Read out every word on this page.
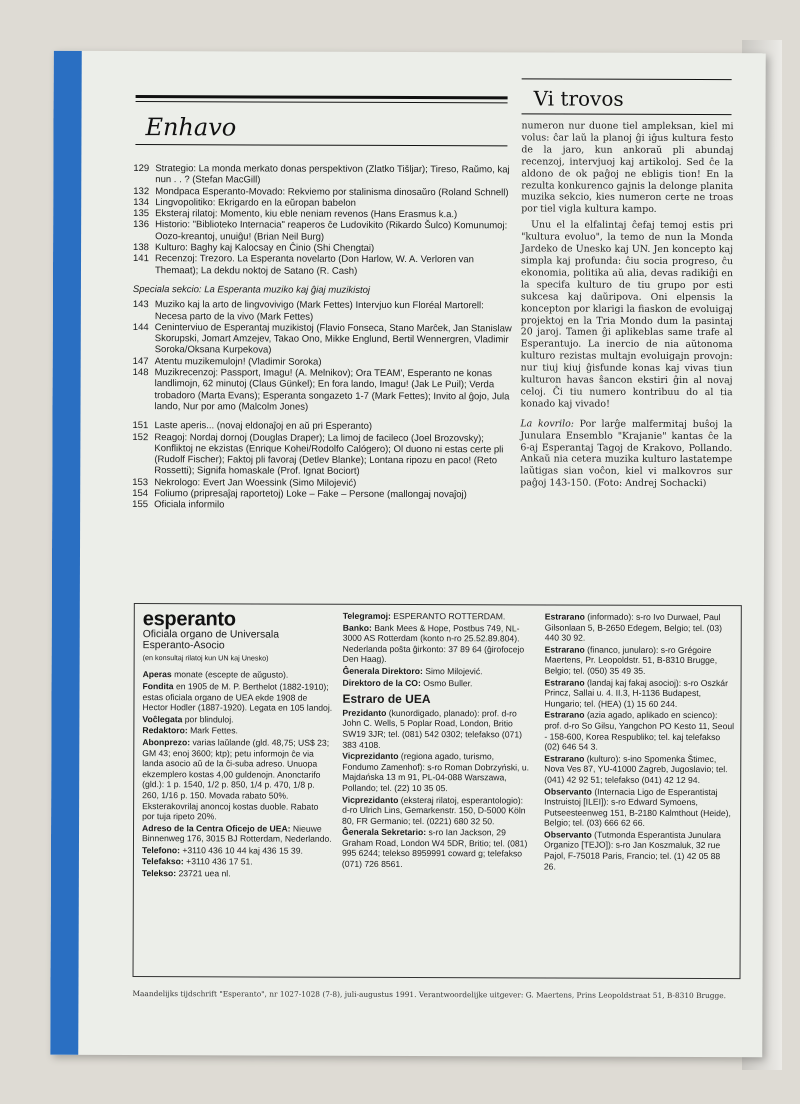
Enhavo
129 Strategio: La monda merkato donas perspektivon (Zlatko Tišljar); Tireso, Raŭmo, kaj nun . . ? (Stefan MacGill)
132 Mondpaca Esperanto-Movado: Rekviemo por stalinisma dinosaŭro (Roland Schnell)
134 Lingvopolitiko: Ekrigardo en la eŭropan babelon
135 Eksteraj rilatoj: Momento, kiu eble neniam revenos (Hans Erasmus k.a.)
136 Historio: "Biblioteko Internacia" reaperos ĉe Ludovikito (Rikardo Šulco) Komunumoj: Oozo-kreantoj, unuiĝu! (Brian Neil Burg)
138 Kulturo: Baghy kaj Kalocsay en Ĉinio (Shi Chengtai)
141 Recenzoj: Trezoro. La Esperanta novelarto (Don Harlow, W. A. Verloren van Themaat); La dekdu noktoj de Satano (R. Cash)
Speciala sekcio: La Esperanta muziko kaj ĝiaj muzikistoj
143 Muziko kaj la arto de lingvovivigo (Mark Fettes) Intervjuo kun Floréal Martorell: Necesa parto de la vivo (Mark Fettes)
144 Ceninterviuo de Esperantaj muzikistoj (Flavio Fonseca, Stano Marĉek, Jan Stanislaw Skorupski, Jomart Amzejev, Takao Ono, Mikke Englund, Bertil Wennergren, Vladimir Soroka/Oksana Kurpekova)
147 Atentu muzikemulojn! (Vladimir Soroka)
148 Muzikrecenzoj: Passport, Imagu! (A. Melnikov); Ora TEAM', Esperanto ne konas landlimojn, 62 minutoj (Claus Günkel); En fora lando, Imagu! (Jak Le Puil); Verda trobadoro (Marta Evans); Esperanta songazeto 1-7 (Mark Fettes); Invito al ĝojo, Jula lando, Nur por amo (Malcolm Jones)
151 Laste aperis... (novaj eldonaĵoj en aŭ pri Esperanto)
152 Reagoj: Nordaj dornoj (Douglas Draper); La limoj de facileco (Joel Brozovsky); Konfliktoj ne ekzistas (Enrique Kohei/Rodolfo Calógero); Ol duono ni estas certe pli (Rudolf Fischer); Faktoj pli favoraj (Detlev Blanke); Lontana ripozu en paco! (Reto Rossetti); Signifa homaskale (Prof. Ignat Bociort)
153 Nekrologo: Evert Jan Woessink (Simo Milojević)
154 Foliumo (pripresaĵaj raportetoj) Loke – Fake – Persone (mallongaj novaĵoj)
155 Oficiala informilo
Vi trovos

numeron nur duone tiel ampleksan, kiel mi volus: ĉar laŭ la planoj ĝi iĝus kultura festo de la jaro, kun ankoraŭ pli abundaj recenzoj, intervjuoj kaj artikoloj. Sed ĉe la aldono de ok paĝoj ne ebligis tion! En la rezulta konkurenco gajnis la delonge planita muzika sekcio, kies numeron certe ne troas por tiel vigla kultura kampo.

Unu el la elfalintaj ĉefaj temoj estis pri "kultura evoluo", la temo de nun la Monda Jardeko de Unesko kaj UN. Jen koncepto kaj simpla kaj profunda: ĉiu socia progreso, ĉu ekonomia, politika aŭ alia, devas radikiĝi en la specifa kulturo de tiu grupo por esti sukcesa kaj daŭripova. Oni elpensis la koncepton por klarigi la fiaskon de evoluigaj projektoj en la Tria Mondo dum la pasintaj 20 jaroj. Tamen ĝi aplikeblas same trafe al Esperantujo. La inercio de nia aŭtonoma kulturo rezistas multajn evoluigajn provojn: nur tiuj kiuj ĝisfunde konas kaj vivas tiun kulturon havas ŝancon ekstiri ĝin al novaj celoj. Ĉi tiu numero kontribuu do al tia konado kaj vivado!

La kovrilo: Por larĝe malfermitaj buŝoj la Junulara Ensemblo "Krajanie" kantas ĉe la 6-aj Esperantaj Tagoj de Krakovo, Pollando. Ankaŭ nia cetera muzika kulturo lastatempe laŭtigas sian voĉon, kiel vi malkovros sur paĝoj 143-150. (Foto: Andrej Sochacki)
esperanto
Oficiala organo de Universala Esperanto-Asocio
(en konsultaj rilatoj kun UN kaj Unesko)

Aperas monate (escepte de aŭgusto).

Fondita en 1905 de M. P. Berthelot (1882-1910); estas oficiala organo de UEA ekde 1908 de Hector Hodler (1887-1920). Legata en 105 landoj.

Voĉlegata por blinduloj.

Redaktoro: Mark Fettes.

Abonprezo: varias laŭlande (gld. 48,75; US$ 23; GM 43; enoj 3600; ktp); petu informojn ĉe via landa asocio aŭ de la ĉi-suba adreso. Unuopa ekzemplero kostas 4,00 guldenojn. Anonctarifo (gld.): 1 p. 1540, 1/2 p. 850, 1/4 p. 470, 1/8 p. 260, 1/16 p. 150. Movada rabato 50%. Eksterakovrilaj anoncoj kostas duoble. Rabato por tuja ripeto 20%.

Adreso de la Centra Oficejo de UEA: Nieuwe Binnenweg 176, 3015 BJ Rotterdam, Nederlando.

Telefono: +3110 436 10 44 kaj 436 15 39.

Telefakso: +3110 436 17 51.

Telekso: 23721 uea nl.

Telegramoj: ESPERANTO ROTTERDAM.

Banko: Bank Mees & Hope, Postbus 749, NL-3000 AS Rotterdam (konto n-ro 25.52.89.804). Nederlanda poŝta ĝirkonto: 37 89 64 (ĝirofocejo Den Haag).

Ĝenerala Direktoro: Simo Milojević.

Direktoro de la CO: Osmo Buller.

Estraro de UEA

Prezidanto (kunordigado, planado): prof. d-ro John C. Wells, 5 Poplar Road, London, Britio SW19 3JR; tel. (081) 542 0302; telefakso (071) 383 4108.

Vicprezidanto (regiona agado, turismo, Fondumo Zamenhof): s-ro Roman Dobrzyński, u. Majdańska 13 m 91, PL-04-088 Warszawa, Pollando; tel. (22) 10 35 05.

Vicprezidanto (eksteraj rilatoj, esperantologio): d-ro Ulrich Lins, Gemarkenstr. 150, D-5000 Köln 80, FR Germanio; tel. (0221) 680 32 50.

Ĝenerala Sekretario: s-ro Ian Jackson, 29 Graham Road, London W4 5DR, Britio; tel. (081) 995 6244; telekso 8959991 coward g; telefakso (071) 726 8561.

Estrarano (informado): s-ro Ivo Durwael, Paul Gilsonlaan 5, B-2650 Edegem, Belgio; tel. (03) 440 30 92.

Estrarano (financo, junularo): s-ro Grégoire Maertens, Pr. Leopoldstr. 51, B-8310 Brugge, Belgio; tel. (050) 35 49 35.

Estrarano (landaj kaj fakaj asocioj): s-ro Oszkár Princz, Sallai u. 4. II.3, H-1136 Budapest, Hungario; tel. (HEA) (1) 15 60 244.

Estrarano (azia agado, aplikado en scienco): prof. d-ro So Gilsu, Yangchon PO Kesto 11, Seoul - 158-600, Korea Respubliko; tel. kaj telefakso (02) 646 54 3.

Estrarano (kulturo): s-ino Spomenka Štimec, Nova Ves 87, YU-41000 Zagreb, Jugoslavio; tel. (041) 42 92 51; telefakso (041) 42 12 94.

Observanto (Internacia Ligo de Esperantistaj Instruistoj [ILEI]): s-ro Edward Symoens, Putseesteenweg 151, B-2180 Kalmthout (Heide), Belgio; tel. (03) 666 62 66.

Observanto (Tutmonda Esperantista Junulara Organizo [TEJO]): s-ro Jan Koszmaluk, 32 rue Pajol, F-75018 Paris, Francio; tel. (1) 42 05 88 26.

Maandelijks tijdschrift "Esperanto", nr 1027-1028 (7-8), juli-augustus 1991. Verantwoordelijke uitgever: G. Maertens, Prins Leopoldstraat 51, B-8310 Brugge.
